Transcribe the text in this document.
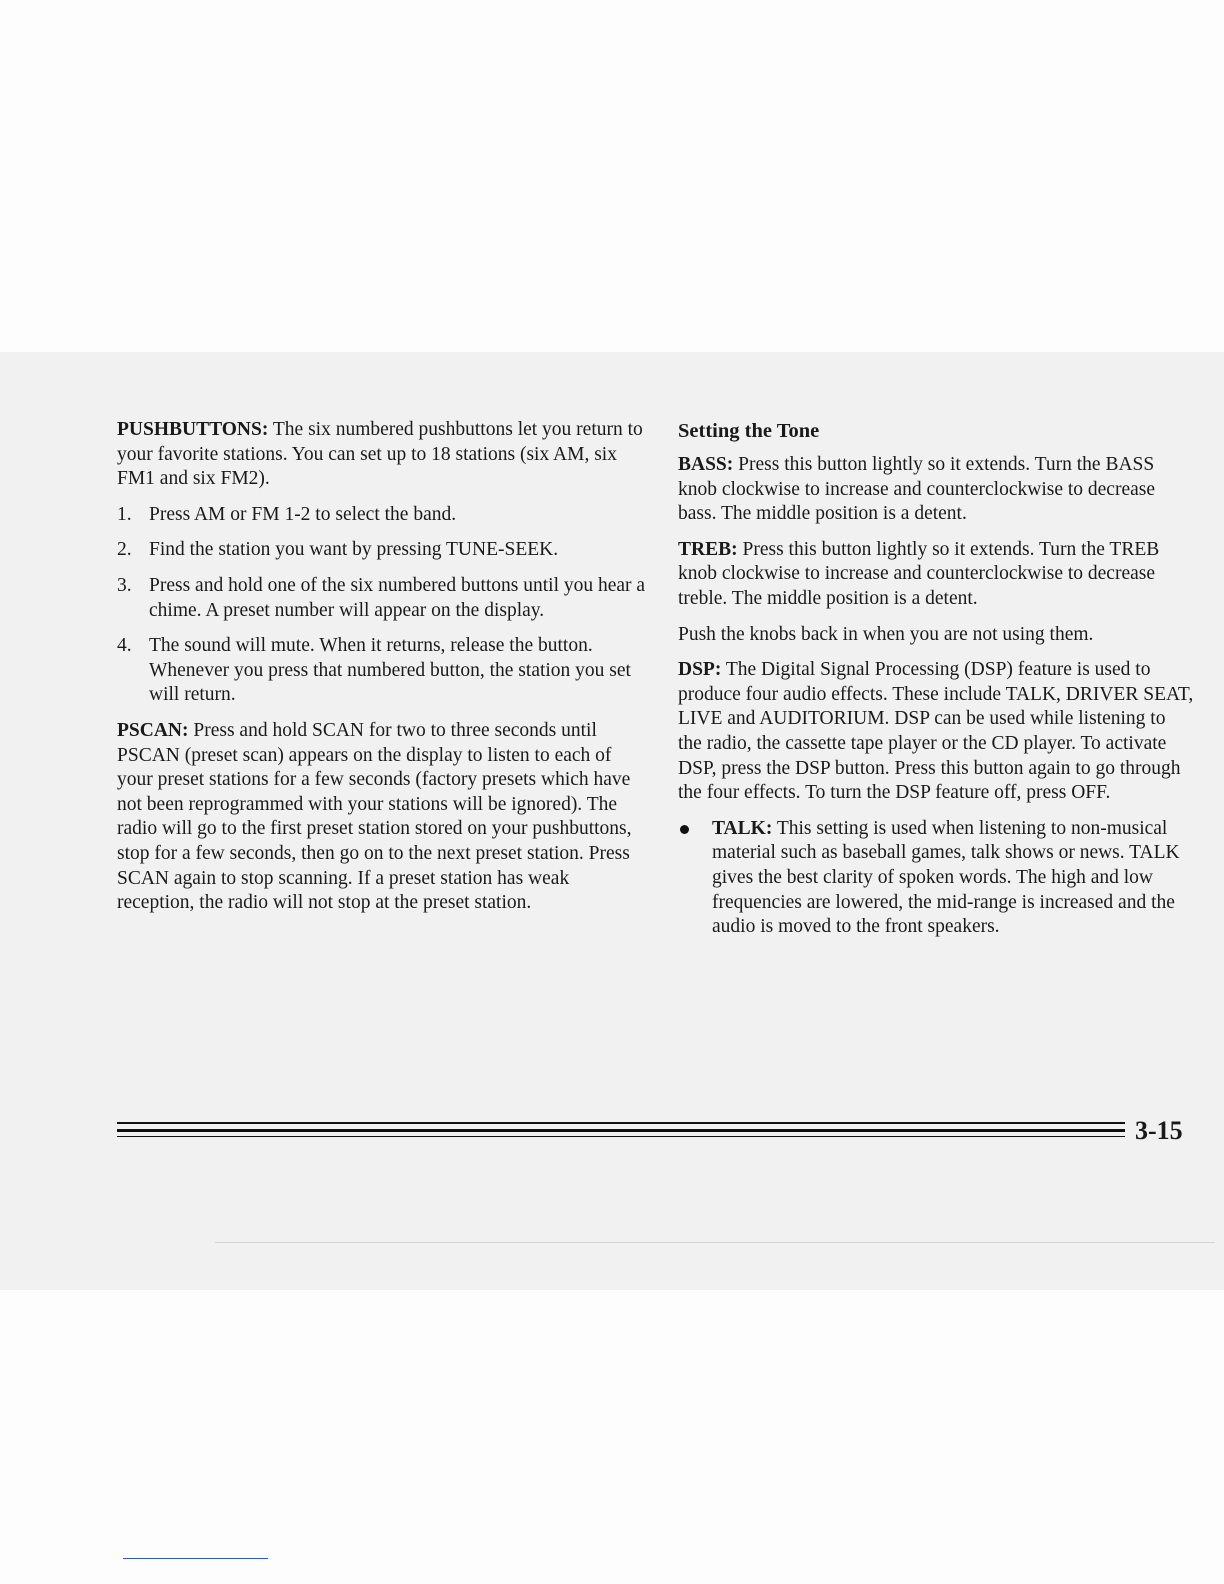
PUSHBUTTONS: The six numbered pushbuttons let you return to your favorite stations. You can set up to 18 stations (six AM, six FM1 and six FM2).

1. Press AM or FM 1-2 to select the band.
2. Find the station you want by pressing TUNE-SEEK.
3. Press and hold one of the six numbered buttons until you hear a chime. A preset number will appear on the display.
4. The sound will mute. When it returns, release the button. Whenever you press that numbered button, the station you set will return.

PSCAN: Press and hold SCAN for two to three seconds until PSCAN (preset scan) appears on the display to listen to each of your preset stations for a few seconds (factory presets which have not been reprogrammed with your stations will be ignored). The radio will go to the first preset station stored on your pushbuttons, stop for a few seconds, then go on to the next preset station. Press SCAN again to stop scanning. If a preset station has weak reception, the radio will not stop at the preset station.

Setting the Tone

BASS: Press this button lightly so it extends. Turn the BASS knob clockwise to increase and counterclockwise to decrease bass. The middle position is a detent.

TREB: Press this button lightly so it extends. Turn the TREB knob clockwise to increase and counterclockwise to decrease treble. The middle position is a detent.

Push the knobs back in when you are not using them.

DSP: The Digital Signal Processing (DSP) feature is used to produce four audio effects. These include TALK, DRIVER SEAT, LIVE and AUDITORIUM. DSP can be used while listening to the radio, the cassette tape player or the CD player. To activate DSP, press the DSP button. Press this button again to go through the four effects. To turn the DSP feature off, press OFF.

TALK: This setting is used when listening to non-musical material such as baseball games, talk shows or news. TALK gives the best clarity of spoken words. The high and low frequencies are lowered, the mid-range is increased and the audio is moved to the front speakers.

3-15
